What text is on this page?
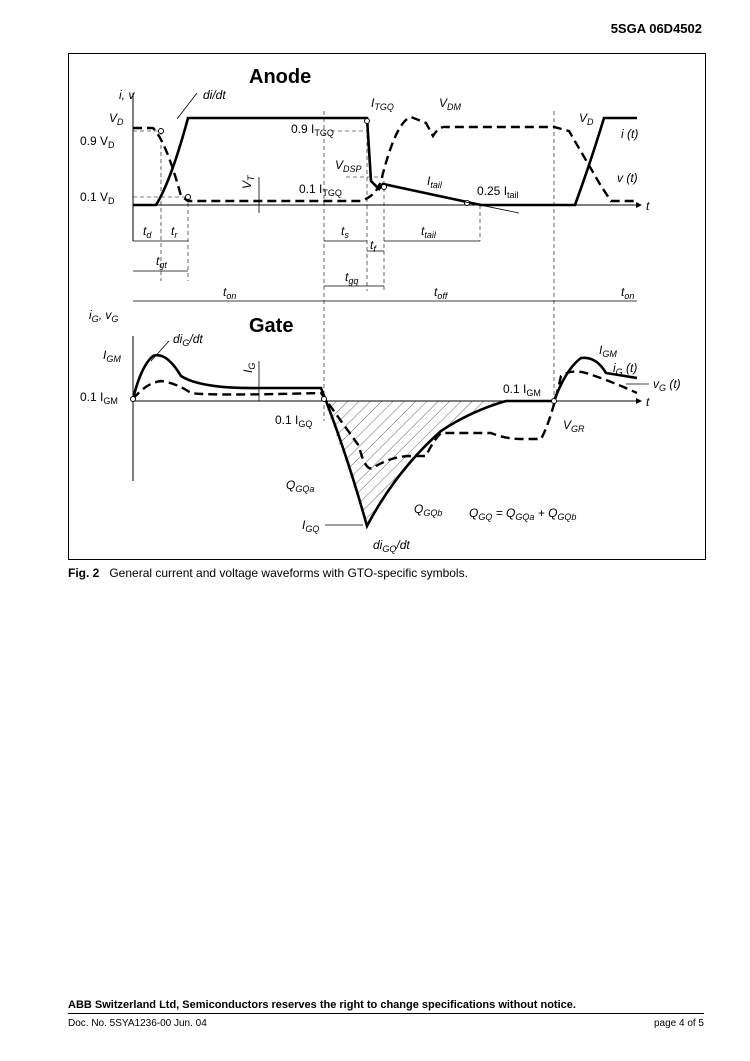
5SGA 06D4502
Anode
i, v
t
di/dt
$V_D$
0.9 $V_D$
0.1 $V_D$
$V_T$
$I_{TGQ}$
0.9 $I_{TGQ}$
$V_{DM}$
$V_{DSP}$
0.1 $I_{TGQ}$
$I_{tail}$	0.25 $I_{tail}$
$V_D$
i (t)
v (t)
$t_d$ $t_r$
$t_{gt}$
$t_s$
$t_f$
$t_{tail}$
$t_{gq}$
$t_{on}$	$t_{off}$	$t_{on}$
Gate
$i_G$, $v_G$
t
$I_{GM}$
$di_G/dt$
$I_G$
0.1 $I_{GM}$
0.1 $I_{GQ}$
$Q_{GQa}$
$Q_{GQb}$ $Q_{GQ} = Q_{GQa} + Q_{GQb}$
$I_{GQ}$
$di_{GQ}/dt$
0.1 $I_{GM}$
$I_{GM}$
$i_G$ (t)
$v_G$ (t)
$V_{GR}$
Fig. 2 General current and voltage waveforms with GTO-specific symbols.
ABB Switzerland Ltd, Semiconductors reserves the right to change specifications without notice.
Doc. No. 5SYA1236-00 Jun. 04	page 4 of 5
